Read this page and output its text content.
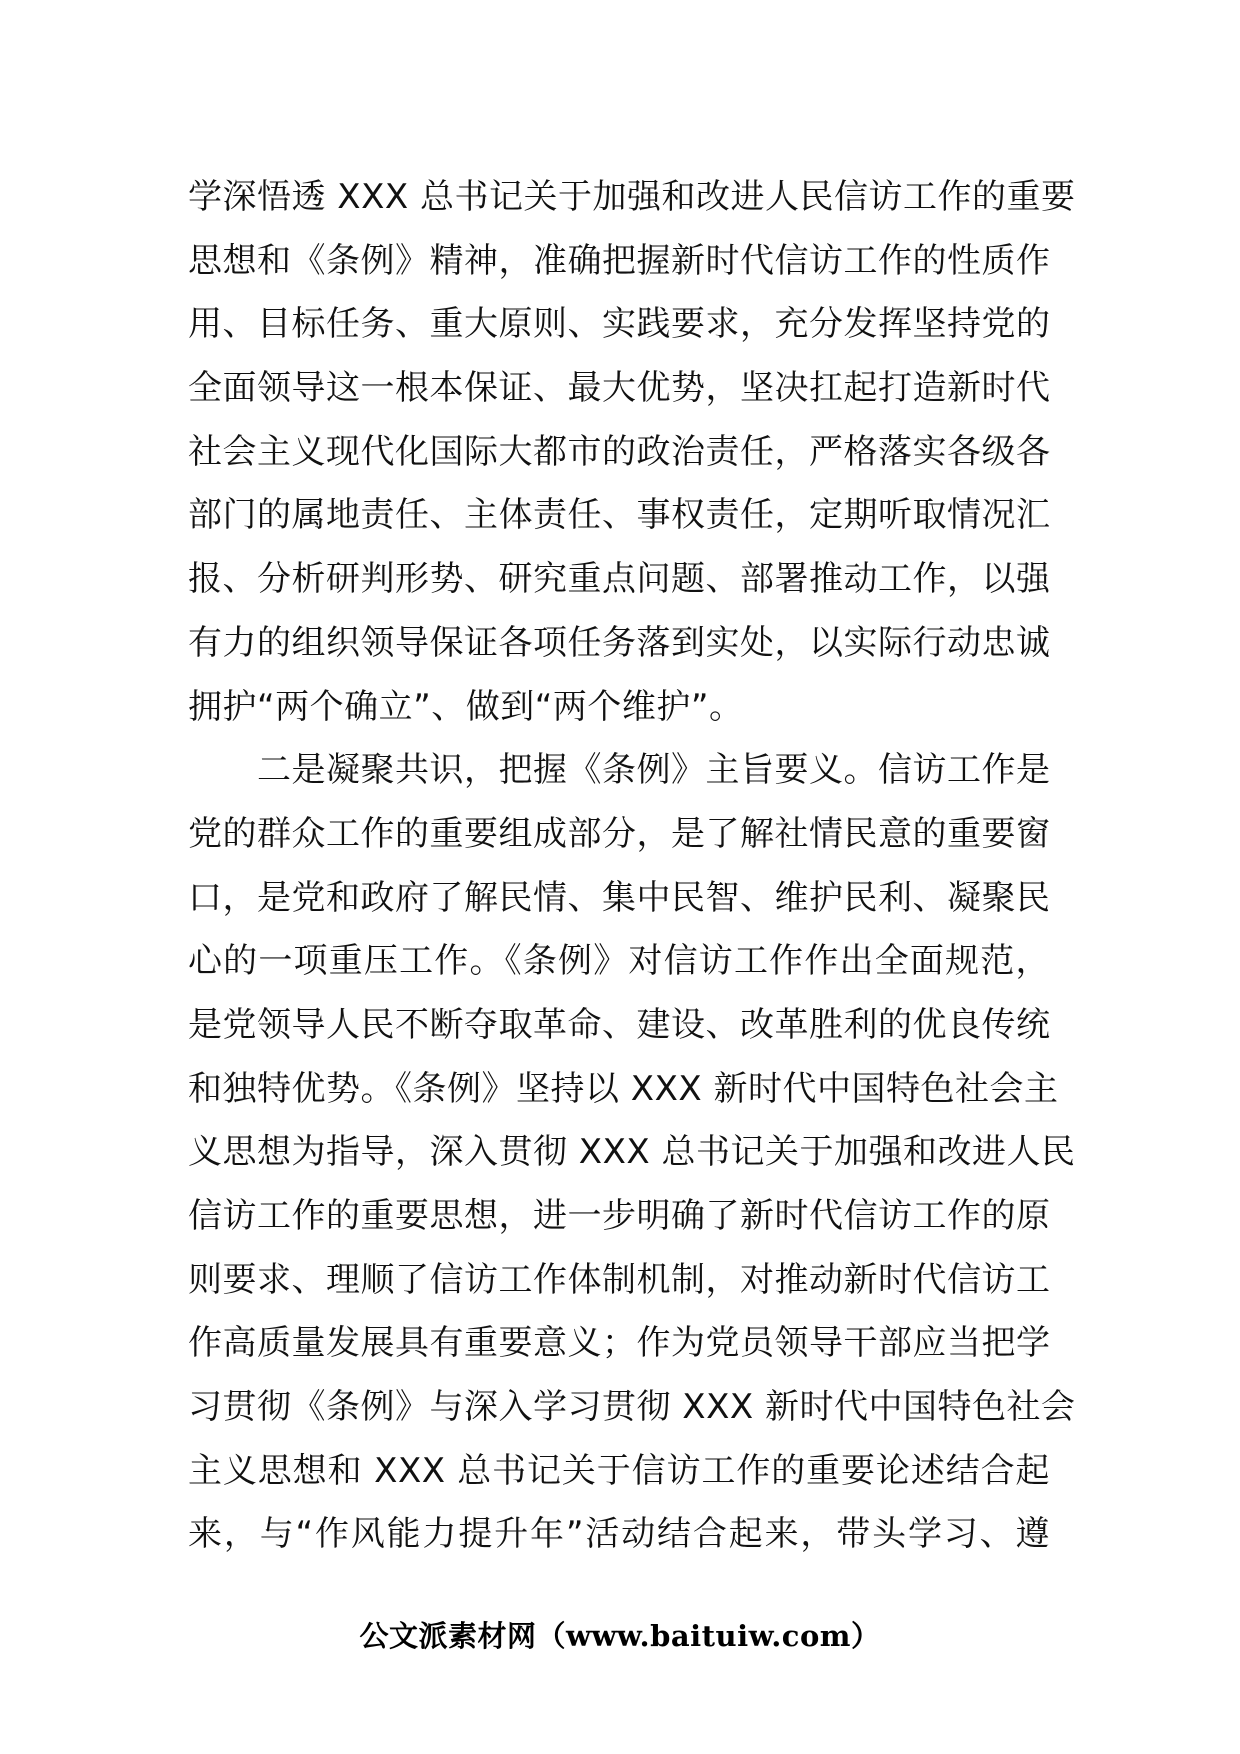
学深悟透 XXX 总书记关于加强和改进人民信访工作的重要
思想和《条例》精神，准确把握新时代信访工作的性质作
用、目标任务、重大原则、实践要求，充分发挥坚持党的
全面领导这一根本保证、最大优势，坚决扛起打造新时代
社会主义现代化国际大都市的政治责任，严格落实各级各
部门的属地责任、主体责任、事权责任，定期听取情况汇
报、分析研判形势、研究重点问题、部署推动工作，以强
有力的组织领导保证各项任务落到实处，以实际行动忠诚
拥护“两个确立”、做到“两个维护”。
　　二是凝聚共识，把握《条例》主旨要义。信访工作是
党的群众工作的重要组成部分，是了解社情民意的重要窗
口，是党和政府了解民情、集中民智、维护民利、凝聚民
心的一项重压工作。《条例》对信访工作作出全面规范，
是党领导人民不断夺取革命、建设、改革胜利的优良传统
和独特优势。《条例》坚持以 XXX 新时代中国特色社会主
义思想为指导，深入贯彻 XXX 总书记关于加强和改进人民
信访工作的重要思想，进一步明确了新时代信访工作的原
则要求、理顺了信访工作体制机制，对推动新时代信访工
作高质量发展具有重要意义；作为党员领导干部应当把学
习贯彻《条例》与深入学习贯彻 XXX 新时代中国特色社会
主义思想和 XXX 总书记关于信访工作的重要论述结合起
来，与“作风能力提升年”活动结合起来，带头学习、遵
公文派素材网（www.baituiw.com）
